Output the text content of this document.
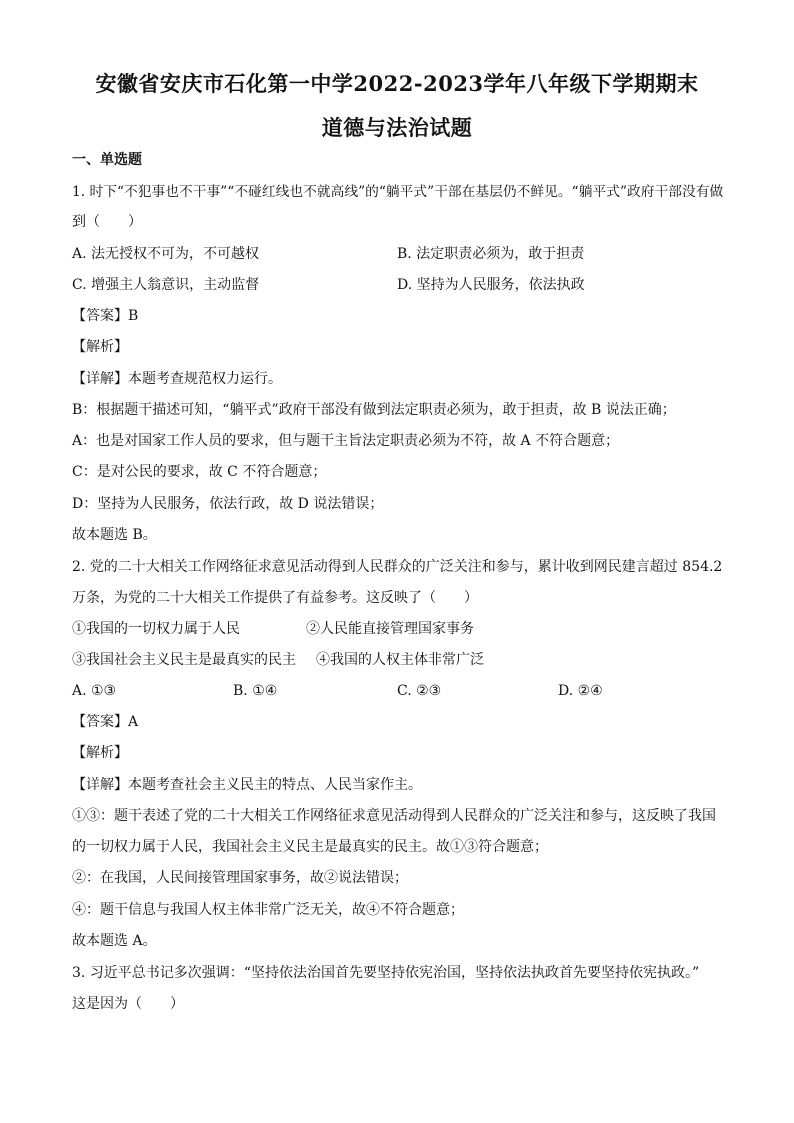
安徽省安庆市石化第一中学2022-2023学年八年级下学期期末
道德与法治试题
一、单选题
1. 时下“不犯事也不干事”“不碰红线也不就高线”的“躺平式”干部在基层仍不鲜见。“躺平式”政府干部没有做
到（　　）
A. 法无授权不可为，不可越权	B. 法定职责必须为，敢于担责
C. 增强主人翁意识，主动监督	D. 坚持为人民服务，依法执政
【答案】B
【解析】
【详解】本题考查规范权力运行。
B：根据题干描述可知，“躺平式”政府干部没有做到法定职责必须为，敢于担责，故 B 说法正确；
A：也是对国家工作人员的要求，但与题干主旨法定职责必须为不符，故 A 不符合题意；
C：是对公民的要求，故 C 不符合题意；
D：坚持为人民服务，依法行政，故 D 说法错误；
故本题选 B。
2. 党的二十大相关工作网络征求意见活动得到人民群众的广泛关注和参与，累计收到网民建言超过 854.2
万条，为党的二十大相关工作提供了有益参考。这反映了（　　）
①我国的一切权力属于人民	②人民能直接管理国家事务
③我国社会主义民主是最真实的民主 ④我国的人权主体非常广泛
A. ①③	B. ①④	C. ②③	D. ②④
【答案】A
【解析】
【详解】本题考查社会主义民主的特点、人民当家作主。
①③：题干表述了党的二十大相关工作网络征求意见活动得到人民群众的广泛关注和参与，这反映了我国
的一切权力属于人民，我国社会主义民主是最真实的民主。故①③符合题意；
②：在我国，人民间接管理国家事务，故②说法错误；
④：题干信息与我国人权主体非常广泛无关，故④不符合题意；
故本题选 A。
3. 习近平总书记多次强调：“坚持依法治国首先要坚持依宪治国，坚持依法执政首先要坚持依宪执政。”
这是因为（　　）
